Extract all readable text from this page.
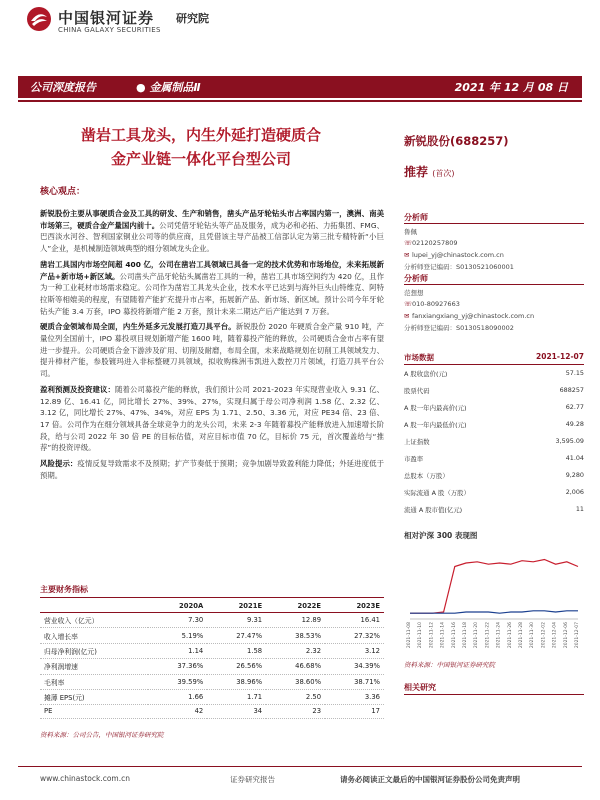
中国银河证券
CHINA GALAXY SECURITIES
研究院
公司深度报告	● 金属制品Ⅱ	2021 年 12 月 08 日
凿岩工具龙头，内生外延打造硬质合
金产业链一体化平台型公司
新锐股份(688257)
推荐 (首次)
核心观点：

新锐股份主要从事硬质合金及工具的研发、生产和销售，凿头产品牙轮钻头市占率国内第一，澳洲、南美市场第三，硬质合金产量国内前十。公司凭借牙轮钻头等产品及服务，成为必和必拓、力拓集团、FMG、巴西淡水河谷、智利国家铜业公司等的供应商，且凭借该主导产品被工信部认定为第三批专精特新“小巨人”企业，是机械制造领域典型的细分领域龙头企业。

凿岩工具国内市场空间超 400 亿，公司在凿岩工具领域已具备一定的技术优势和市场地位，未来拓展新产品+新市场+新区域。公司凿头产品牙轮钻头属凿岩工具的一种，凿岩工具市场空间约为 420 亿，且作为一种工业耗材市场需求稳定。公司作为凿岩工具龙头企业，技术水平已达到与海外巨头山特维克、阿特拉斯等相媲美的程度，有望随着产能扩充提升市占率，拓展新产品、新市场、新区域。预计公司今年牙轮钻头产能 3.4 万套，IPO 募投将新增产能 2 万套，预计未来二期达产后产能达到 7 万套。

硬质合金领域布局全面，内生外延多元发展打造刀具平台。新锐股份 2020 年硬质合金产量 910 吨，产量位列全国前十，IPO 募投项目规划新增产能 1600 吨，随着募投产能的释放，公司硬质合金市占率有望进一步提升。公司硬质合金下游涉及矿用、切削及耐磨，布局全面，未来战略规划在切削工具领域发力、提升棒材产能，参股镀玛进入非标整硬刀具领域，拟收购株洲韦凯进入数控刀片领域，打造刀具平台公司。

盈利预测及投资建议：随着公司募投产能的释放，我们预计公司 2021-2023 年实现营业收入 9.31 亿、12.89 亿、16.41 亿，同比增长 27%、39%、27%，实现归属于母公司净利润 1.58 亿、2.32 亿、3.12 亿，同比增长 27%、47%、34%，对应 EPS 为 1.71、2.50、3.36 元，对应 PE34 倍、23 倍、17 倍。公司作为在细分领域具备全球竞争力的龙头公司，未来 2-3 年随着募投产能释放进入加速增长阶段，给与公司 2022 年 30 倍 PE 的目标估值，对应目标市值 70 亿，目标价 75 元，首次覆盖给与“推荐”的投资评级。

风险提示：疫情反复导致需求不及预期；扩产节奏低于预期；竞争加剧导致盈利能力降低；外延进度低于预期。

主要财务指标
	2020A	2021E	2022E	2023E
营业收入（亿元）	7.30	9.31	12.89	16.41
收入增长率	5.19%	27.47%	38.53%	27.32%
归母净利润(亿元)	1.14	1.58	2.32	3.12
净利润增速	37.36%	26.56%	46.68%	34.39%
毛利率	39.59%	38.96%	38.60%	38.71%
摊薄 EPS(元)	1.66	1.71	2.50	3.36
PE	42	34	23	17
资料来源：公司公告，中国银河证券研究院
分析师
鲁佩
☏02120257809
✉ lupei_yj@chinastock.com.cn
分析师登记编码：S0130521060001
分析师
范想想
☏010-80927663
✉ fanxiangxiang_yj@chinastock.com.cn
分析师登记编码：S0130518090002
市场数据	2021-12-07
A 股收盘价(元)	57.15
股票代码	688257
A 股一年内最高价(元)	62.77
A 股一年内最低价(元)	49.28
上证指数	3,595.09
市盈率	41.04
总股本（万股）	9,280
实际流通 A 股（万股）	2,006
流通 A 股市值(亿元)	11
相对沪深 300 表现图
2021-11-08 2021-11-10 2021-11-12 2021-11-14 2021-11-16 2021-11-18 2021-11-20 2021-11-22 2021-11-24 2021-11-26 2021-11-28 2021-11-30 2021-12-02 2021-12-04 2021-12-06 2021-12-07
资料来源：中国银河证券研究院
相关研究
www.chinastock.com.cn	证券研究报告	请务必阅读正文最后的中国银河证券股份公司免责声明
